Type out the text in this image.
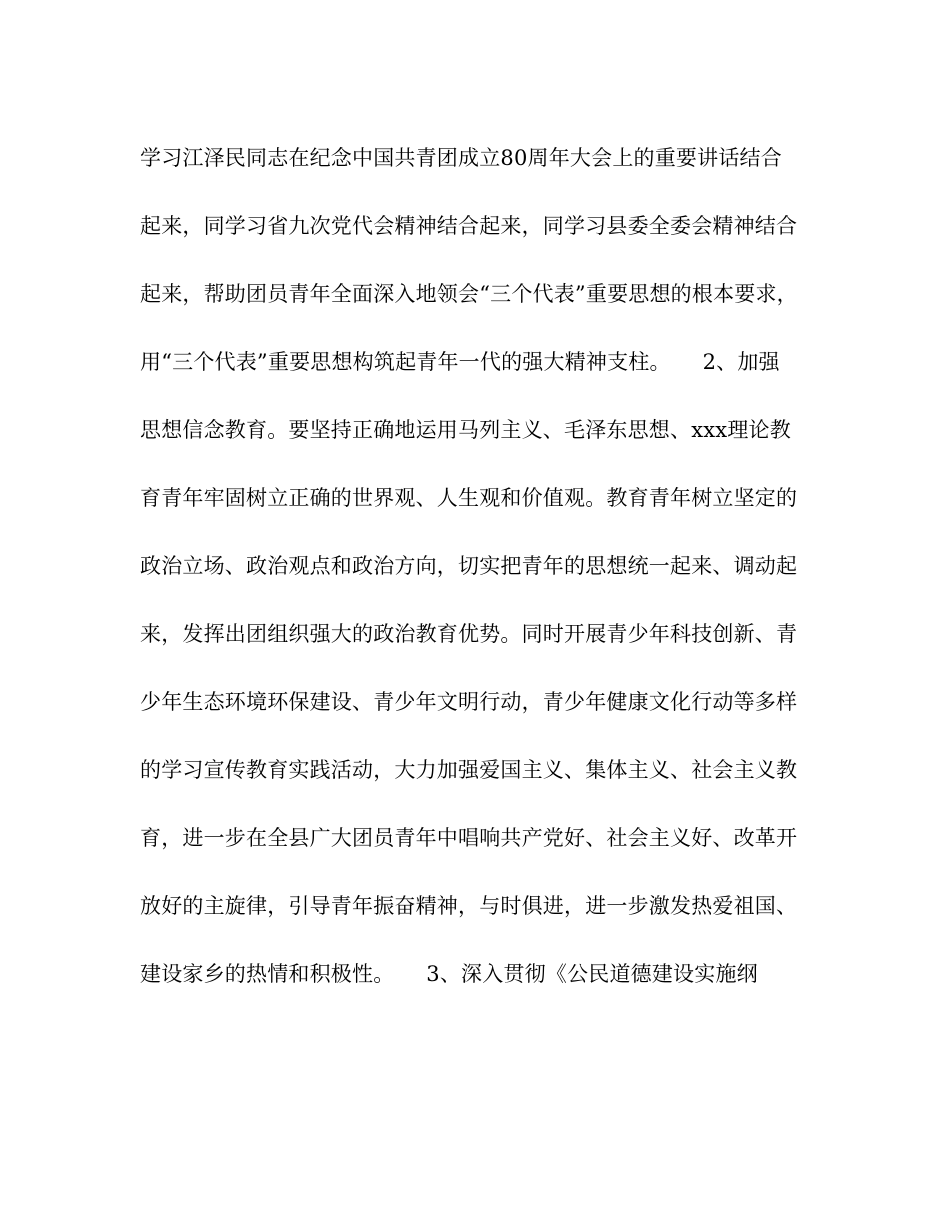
学习江泽民同志在纪念中国共青团成立80周年大会上的重要讲话结合
起来，同学习省九次党代会精神结合起来，同学习县委全委会精神结合
起来，帮助团员青年全面深入地领会“三个代表”重要思想的根本要求，
用“三个代表”重要思想构筑起青年一代的强大精神支柱。　　2、加强
思想信念教育。要坚持正确地运用马列主义、毛泽东思想、xxx理论教
育青年牢固树立正确的世界观、人生观和价值观。教育青年树立坚定的
政治立场、政治观点和政治方向，切实把青年的思想统一起来、调动起
来，发挥出团组织强大的政治教育优势。同时开展青少年科技创新、青
少年生态环境环保建设、青少年文明行动，青少年健康文化行动等多样
的学习宣传教育实践活动，大力加强爱国主义、集体主义、社会主义教
育，进一步在全县广大团员青年中唱响共产党好、社会主义好、改革开
放好的主旋律，引导青年振奋精神，与时俱进，进一步激发热爱祖国、
建设家乡的热情和积极性。　　3、深入贯彻《公民道德建设实施纲
